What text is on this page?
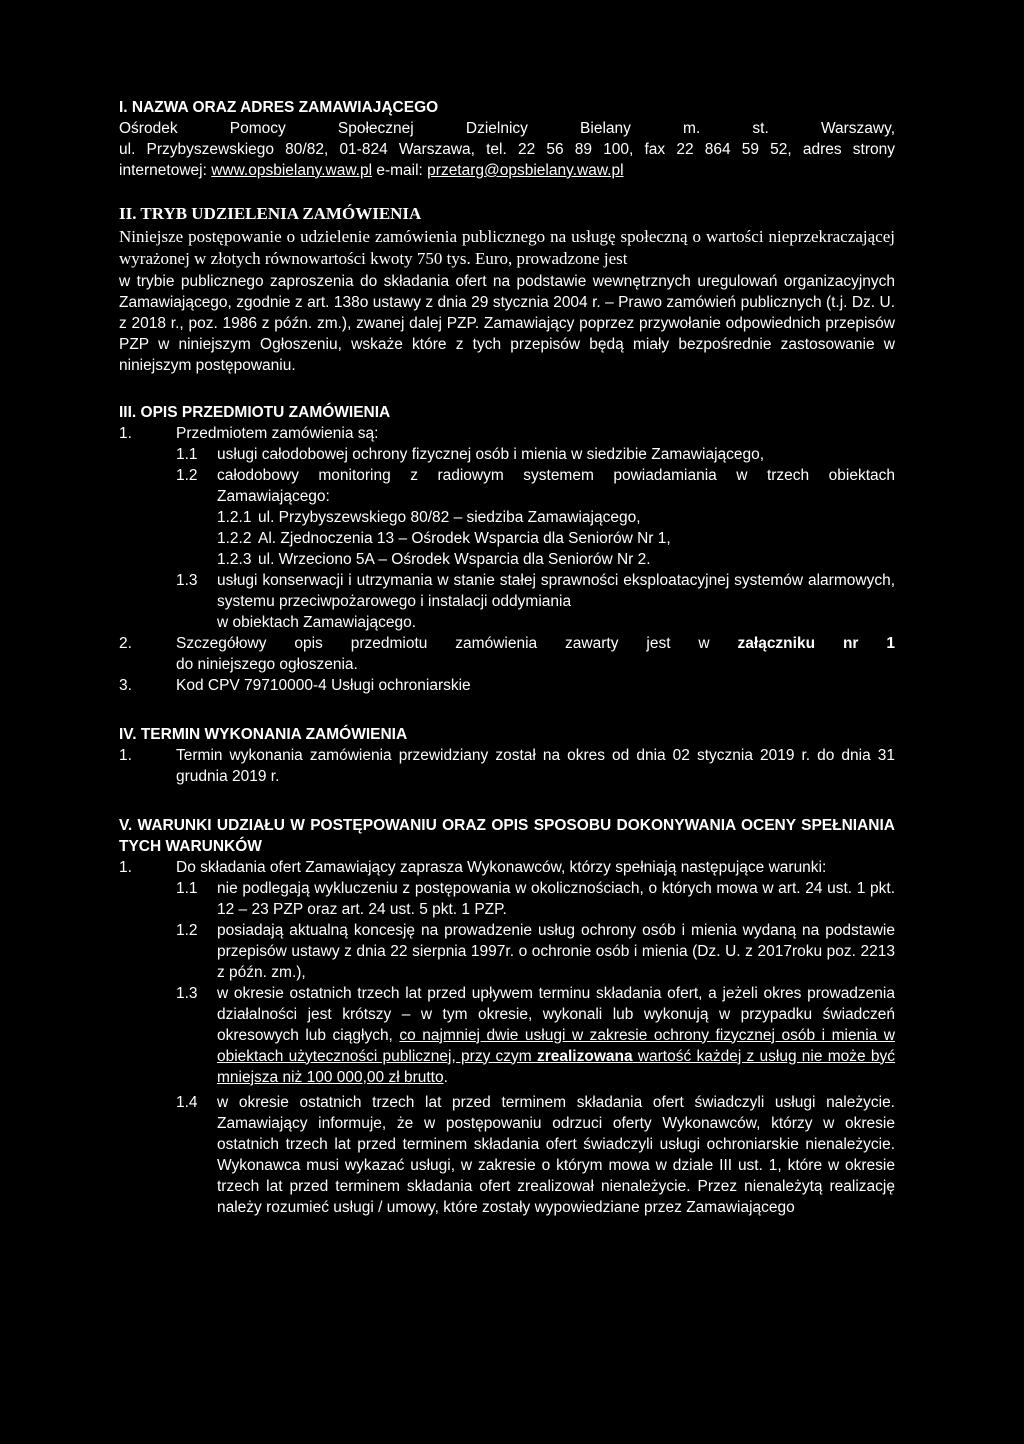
I. NAZWA ORAZ ADRES ZAMAWIAJĄCEGO

Ośrodek Pomocy Społecznej Dzielnicy Bielany m. st. Warszawy,

ul. Przybyszewskiego 80/82, 01-824 Warszawa, tel. 22 56 89 100, fax 22 864 59 52, adres strony

internetowej: www.opsbielany.waw.pl e-mail: przetarg@opsbielany.waw.pl

II. TRYB UDZIELENIA ZAMÓWIENIA

Niniejsze postępowanie o udzielenie zamówienia publicznego na usługę społeczną o wartości nieprzekraczającej wyrażonej w złotych równowartości kwoty 750 tys. Euro, prowadzone jest

w trybie publicznego zaproszenia do składania ofert na podstawie wewnętrznych uregulowań organizacyjnych Zamawiającego, zgodnie z art. 138o ustawy z dnia 29 stycznia 2004 r. – Prawo zamówień publicznych (t.j. Dz. U. z 2018 r., poz. 1986 z późn. zm.), zwanej dalej PZP. Zamawiający poprzez przywołanie odpowiednich przepisów PZP w niniejszym Ogłoszeniu, wskaże które z tych przepisów będą miały bezpośrednie zastosowanie w niniejszym postępowaniu.

III. OPIS PRZEDMIOTU ZAMÓWIENIA

1.	Przedmiotem zamówienia są:
1.1	usługi całodobowej ochrony fizycznej osób i mienia w siedzibie Zamawiającego,
1.2	całodobowy monitoring z radiowym systemem powiadamiania w trzech obiektach

Zamawiającego:

1.2.1 ul. Przybyszewskiego 80/82 – siedziba Zamawiającego,
1.2.2 Al. Zjednoczenia 13 – Ośrodek Wsparcia dla Seniorów Nr 1,
1.2.3 ul. Wrzeciono 5A – Ośrodek Wsparcia dla Seniorów Nr 2.
1.3	usługi konserwacji i utrzymania w stanie stałej sprawności eksploatacyjnej systemów alarmowych, systemu przeciwpożarowego i instalacji oddymiania

w obiektach Zamawiającego.

2.	Szczegółowy opis przedmiotu zamówienia zawarty jest w załączniku nr 1

do niniejszego ogłoszenia.

3.	Kod CPV 79710000-4 Usługi ochroniarskie

IV. TERMIN WYKONANIA ZAMÓWIENIA

1.	Termin wykonania zamówienia przewidziany został na okres od dnia 02 stycznia 2019 r. do dnia 31 grudnia 2019 r.

V. WARUNKI UDZIAŁU W POSTĘPOWANIU ORAZ OPIS SPOSOBU DOKONYWANIA OCENY SPEŁNIANIA TYCH WARUNKÓW

1.	Do składania ofert Zamawiający zaprasza Wykonawców, którzy spełniają następujące warunki:
1.1	nie podlegają wykluczeniu z postępowania w okolicznościach, o których mowa w art. 24 ust. 1 pkt. 12 – 23 PZP oraz art. 24 ust. 5 pkt. 1 PZP.
1.2	posiadają aktualną koncesję na prowadzenie usług ochrony osób i mienia wydaną na podstawie przepisów ustawy z dnia 22 sierpnia 1997r. o ochronie osób i mienia (Dz. U. z 2017roku poz. 2213 z późn. zm.),
1.3	w okresie ostatnich trzech lat przed upływem terminu składania ofert, a jeżeli okres prowadzenia działalności jest krótszy – w tym okresie, wykonali lub wykonują w przypadku świadczeń okresowych lub ciągłych, co najmniej dwie usługi w zakresie ochrony fizycznej osób i mienia w obiektach użyteczności publicznej, przy czym zrealizowana wartość każdej z usług nie może być mniejsza niż 100 000,00 zł brutto.
1.4	w okresie ostatnich trzech lat przed terminem składania ofert świadczyli usługi należycie. Zamawiający informuje, że w postępowaniu odrzuci oferty Wykonawców, którzy w okresie ostatnich trzech lat przed terminem składania ofert świadczyli usługi ochroniarskie nienależycie. Wykonawca musi wykazać usługi, w zakresie o którym mowa w dziale III ust. 1, które w okresie trzech lat przed terminem składania ofert zrealizował nienależycie. Przez nienależytą realizację należy rozumieć usługi / umowy, które zostały wypowiedziane przez Zamawiającego
